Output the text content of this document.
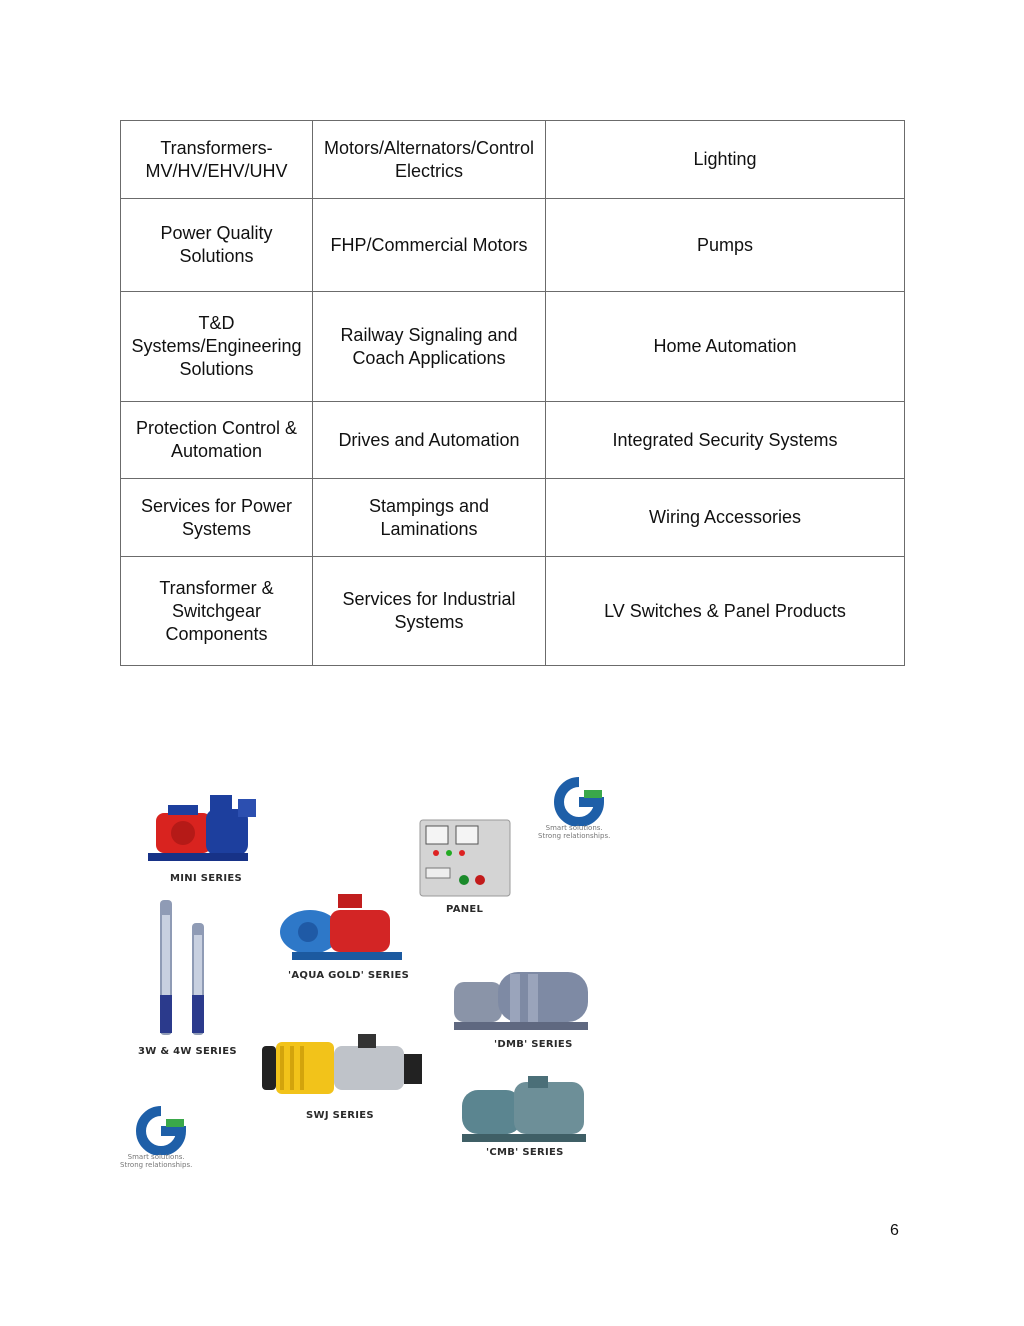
Transformers-MV/HV/EHV/UHV	Motors/Alternators/Control Electrics	Lighting
Power Quality Solutions	FHP/Commercial Motors	Pumps
T&D Systems/Engineering Solutions	Railway Signaling and Coach Applications	Home Automation
Protection Control & Automation	Drives and Automation	Integrated Security Systems
Services for Power Systems	Stampings and Laminations	Wiring Accessories
Transformer & Switchgear Components	Services for Industrial Systems	LV Switches & Panel Products
MINI SERIES
PANEL
3W & 4W SERIES
'AQUA GOLD' SERIES
'DMB' SERIES
SWJ SERIES
'CMB' SERIES
Smart solutions.
Strong relationships.
Smart solutions.
Strong relationships.
6
